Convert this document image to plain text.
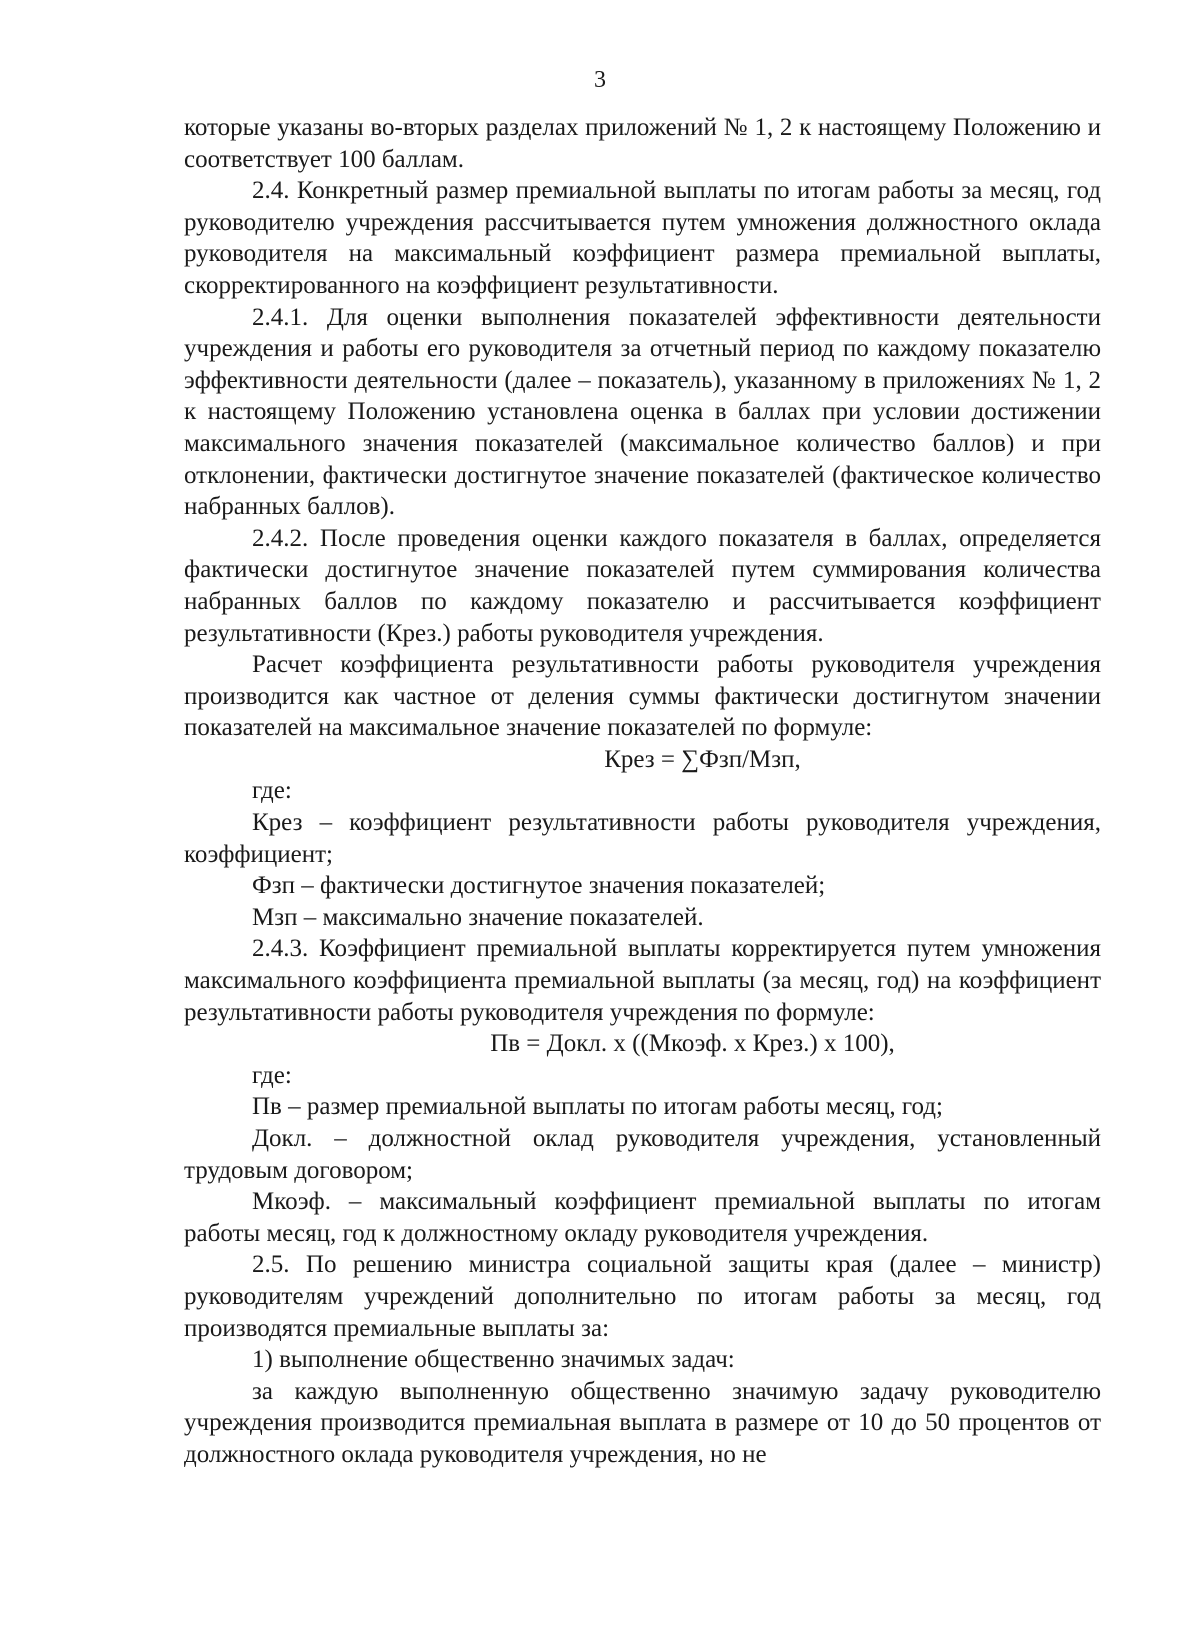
3

которые указаны во-вторых разделах приложений № 1, 2 к настоящему Положению и соответствует 100 баллам.

2.4. Конкретный размер премиальной выплаты по итогам работы за месяц, год руководителю учреждения рассчитывается путем умножения должностного оклада руководителя на максимальный коэффициент размера премиальной выплаты, скорректированного на коэффициент результативности.

2.4.1. Для оценки выполнения показателей эффективности деятельности учреждения и работы его руководителя за отчетный период по каждому показателю эффективности деятельности (далее – показатель), указанному в приложениях № 1, 2 к настоящему Положению установлена оценка в баллах при условии достижении максимального значения показателей (максимальное количество баллов) и при отклонении, фактически достигнутое значение показателей (фактическое количество набранных баллов).

2.4.2. После проведения оценки каждого показателя в баллах, определяется фактически достигнутое значение показателей путем суммирования количества набранных баллов по каждому показателю и рассчитывается коэффициент результативности (Крез.) работы руководителя учреждения.

Расчет коэффициента результативности работы руководителя учреждения производится как частное от деления суммы фактически достигнутом значении показателей на максимальное значение показателей по формуле:

Крез = ∑Фзп/Мзп,

где:

Крез – коэффициент результативности работы руководителя учреждения, коэффициент;

Фзп – фактически достигнутое значения показателей;

Мзп – максимально значение показателей.

2.4.3. Коэффициент премиальной выплаты корректируется путем умножения максимального коэффициента премиальной выплаты (за месяц, год) на коэффициент результативности работы руководителя учреждения по формуле:

Пв = Докл. х ((Мкоэф. х Крез.) х 100),

где:

Пв – размер премиальной выплаты по итогам работы месяц, год;

Докл. – должностной оклад руководителя учреждения, установленный трудовым договором;

Мкоэф. – максимальный коэффициент премиальной выплаты по итогам работы месяц, год к должностному окладу руководителя учреждения.

2.5. По решению министра социальной защиты края (далее – министр) руководителям учреждений дополнительно по итогам работы за месяц, год производятся премиальные выплаты за:

1) выполнение общественно значимых задач:

за каждую выполненную общественно значимую задачу руководителю учреждения производится премиальная выплата в размере от 10 до 50 процентов от должностного оклада руководителя учреждения, но не
